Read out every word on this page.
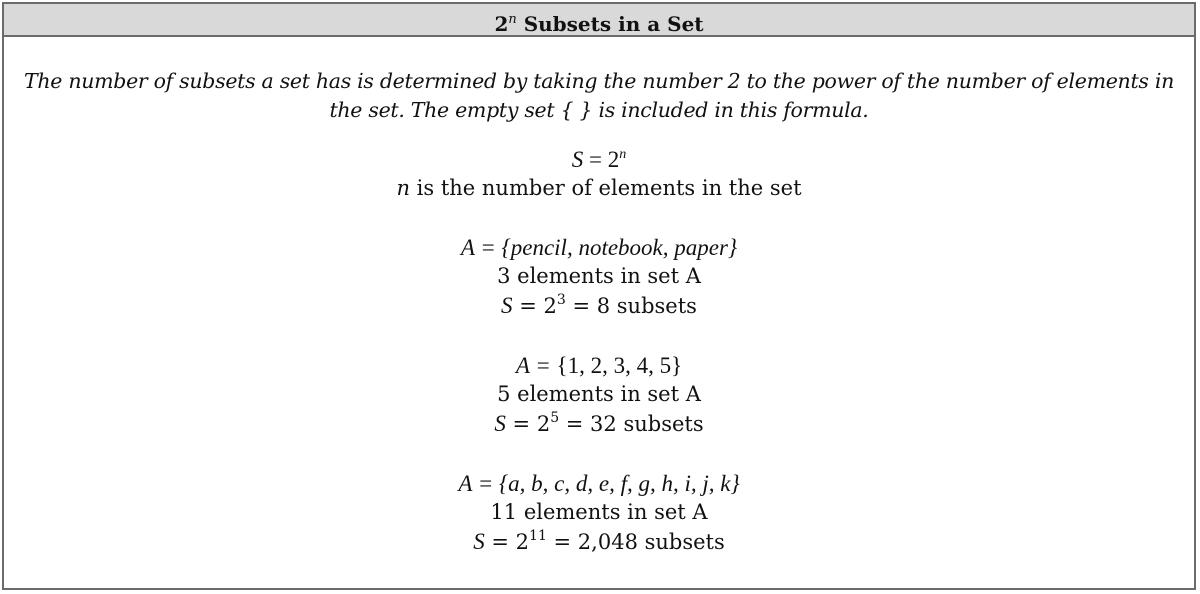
2$^n$ Subsets in a Set
The number of subsets a set has is determined by taking the number 2 to the power of the number of elements in the set. The empty set { } is included in this formula.
$S = 2^n$
n is the number of elements in the set
A = {pencil, notebook, paper}
3 elements in set A
$S = 2^3 = 8$ subsets
A = {1, 2, 3, 4, 5}
5 elements in set A
$S = 2^5 = 32$ subsets
A = {a, b, c, d, e, f, g, h, i, j, k}
11 elements in set A
$S = 2^{11} = 2,048$ subsets
